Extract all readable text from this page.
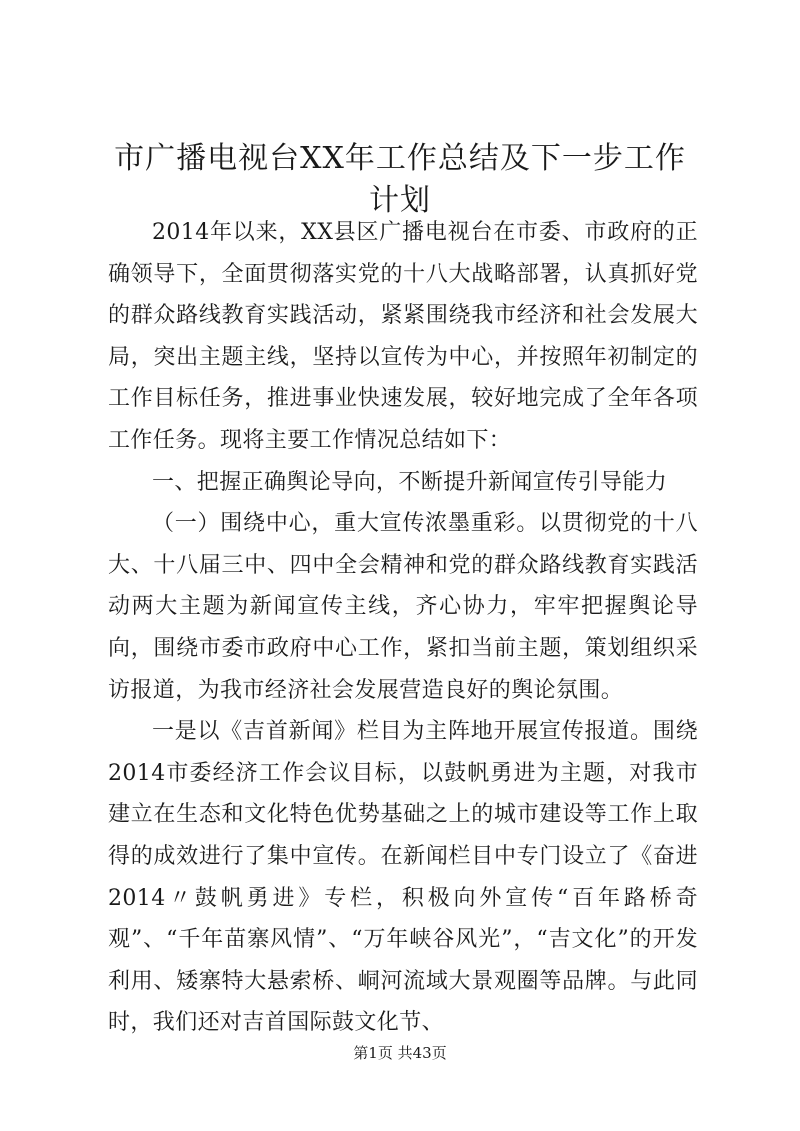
市广播电视台XX年工作总结及下一步工作计划

2014年以来，XX县区广播电视台在市委、市政府的正确领导下，全面贯彻落实党的十八大战略部署，认真抓好党的群众路线教育实践活动，紧紧围绕我市经济和社会发展大局，突出主题主线，坚持以宣传为中心，并按照年初制定的工作目标任务，推进事业快速发展，较好地完成了全年各项工作任务。现将主要工作情况总结如下：

一、把握正确舆论导向，不断提升新闻宣传引导能力

（一）围绕中心，重大宣传浓墨重彩。以贯彻党的十八大、十八届三中、四中全会精神和党的群众路线教育实践活动两大主题为新闻宣传主线，齐心协力，牢牢把握舆论导向，围绕市委市政府中心工作，紧扣当前主题，策划组织采访报道，为我市经济社会发展营造良好的舆论氛围。

一是以《吉首新闻》栏目为主阵地开展宣传报道。围绕2014市委经济工作会议目标，以鼓帆勇进为主题，对我市建立在生态和文化特色优势基础之上的城市建设等工作上取得的成效进行了集中宣传。在新闻栏目中专门设立了《奋进2014〃鼓帆勇进》专栏，积极向外宣传“百年路桥奇观”、“千年苗寨风情”、“万年峡谷风光”，“吉文化”的开发利用、矮寨特大悬索桥、峒河流域大景观圈等品牌。与此同时，我们还对吉首国际鼓文化节、

第1页 共43页
